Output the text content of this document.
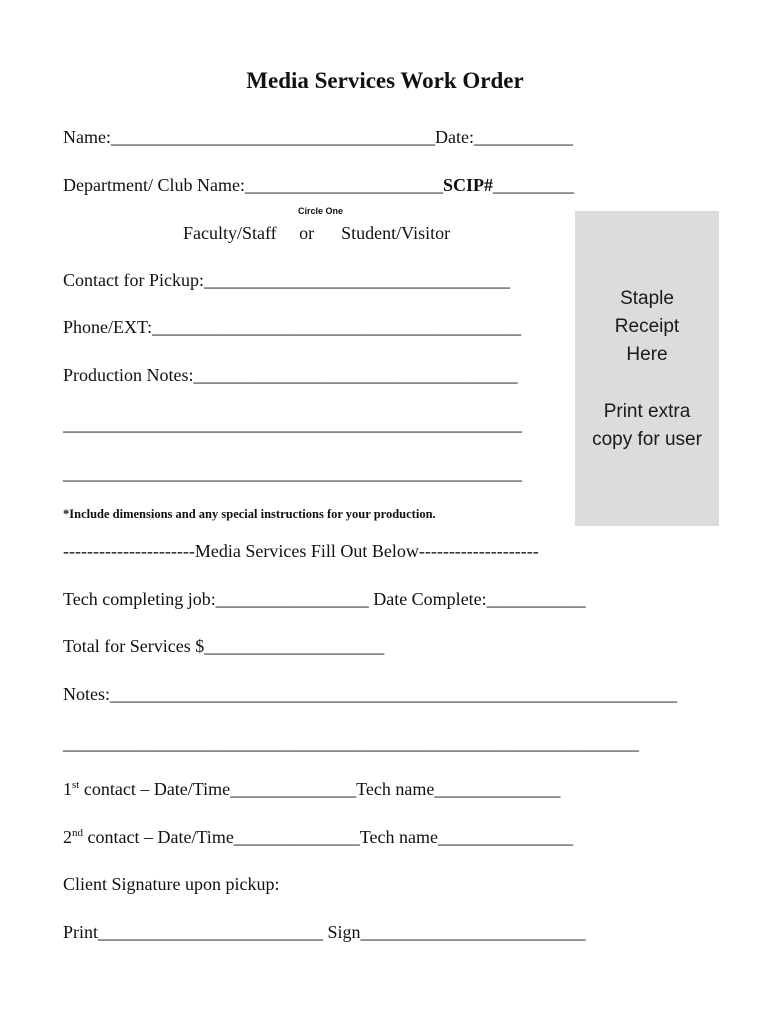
Media Services Work Order
Name:____________________________________Date:___________
Department/ Club Name:______________________SCIP#_________
Circle One
Faculty/Staff     or      Student/Visitor
Contact for Pickup:__________________________________
Phone/EXT:_________________________________________
Production Notes:____________________________________
___________________________________________________
___________________________________________________
*Include dimensions and any special instructions for your production.
Staple
Receipt
Here
Print extra
copy for user
----------------------Media Services Fill Out Below--------------------
Tech completing job:_________________ Date Complete:___________
Total for Services $____________________
Notes:_______________________________________________________________
________________________________________________________________
1st contact – Date/Time______________Tech name______________
2nd contact – Date/Time______________Tech name_______________
Client Signature upon pickup:
Print_________________________ Sign_________________________
